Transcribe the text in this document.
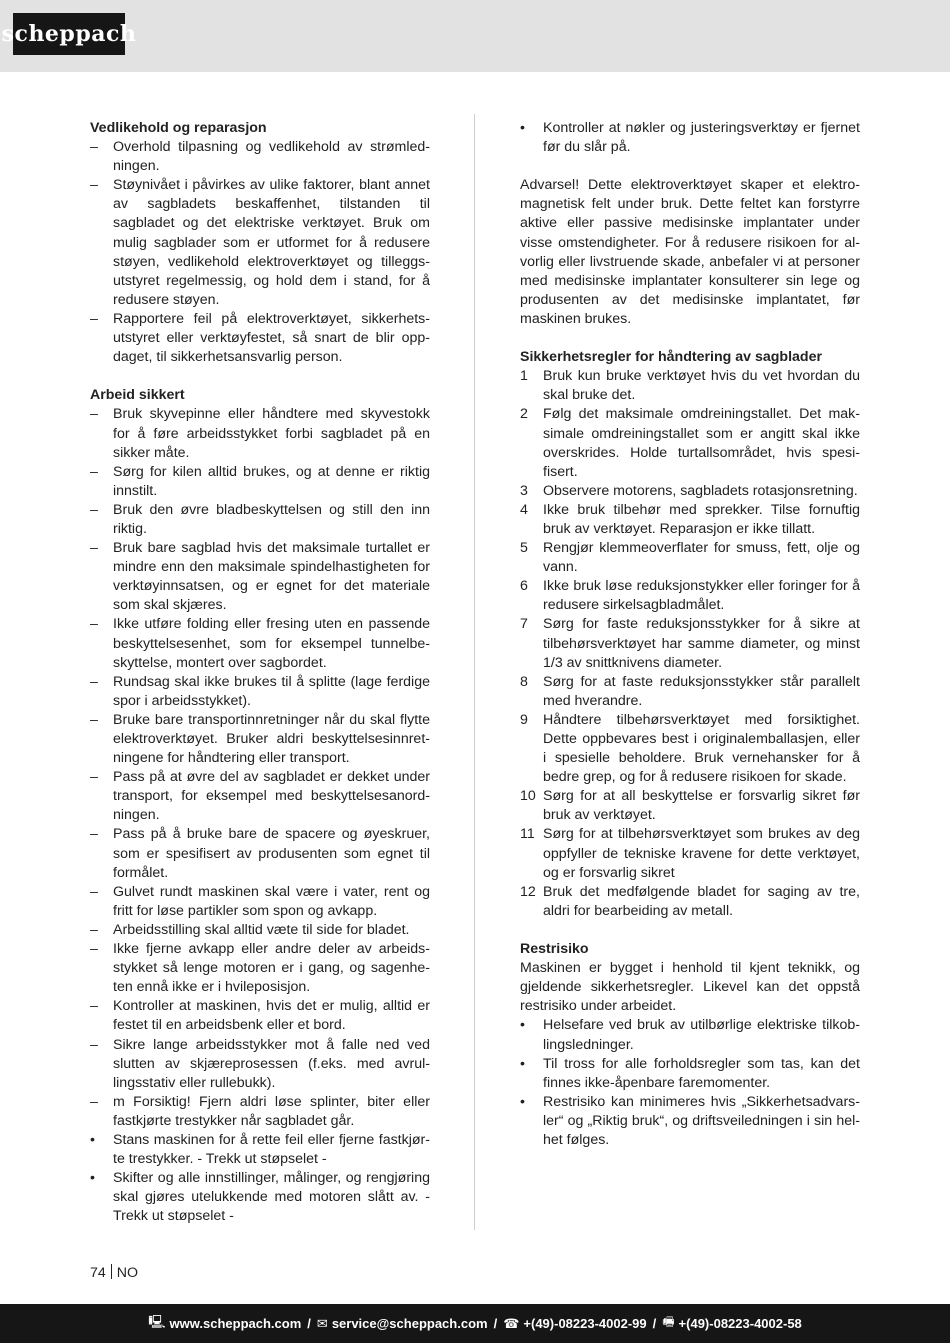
scheppach

Vedlikehold og reparasjon

– Overhold tilpasning og vedlikehold av strømledningen.
– Støynivået i påvirkes av ulike faktorer, blant annet av sagbladets beskaffenhet, tilstanden til sagbladet og det elektriske verktøyet. Bruk om mulig sagblader som er utformet for å redusere støyen, vedlikehold elektroverktøyet og tilleggsutstyret regelmessig, og hold dem i stand, for å redusere støyen.
– Rapportere feil på elektroverktøyet, sikkerhetsutstyret eller verktøyfestet, så snart de blir oppdaget, til sikkerhetsansvarlig person.

Arbeid sikkert

– Bruk skyvepinne eller håndtere med skyvestokk for å føre arbeidsstykket forbi sagbladet på en sikker måte.
– Sørg for kilen alltid brukes, og at denne er riktig innstilt.
– Bruk den øvre bladbeskyttelsen og still den inn riktig.
– Bruk bare sagblad hvis det maksimale turtallet er mindre enn den maksimale spindelhastigheten for verktøyinnsatsen, og er egnet for det materiale som skal skjæres.
– Ikke utføre folding eller fresing uten en passende beskyttelsesenhet, som for eksempel tunnelbeskyttelse, montert over sagbordet.
– Rundsag skal ikke brukes til å splitte (lage ferdige spor i arbeidsstykket).
– Bruke bare transportinnretninger når du skal flytte elektroverktøyet. Bruker aldri beskyttelsesinnretningene for håndtering eller transport.
– Pass på at øvre del av sagbladet er dekket under transport, for eksempel med beskyttelsesanordningen.
– Pass på å bruke bare de spacere og øyeskruer, som er spesifisert av produsenten som egnet til formålet.
– Gulvet rundt maskinen skal være i vater, rent og fritt for løse partikler som spon og avkapp.
– Arbeidsstilling skal alltid væte til side for bladet.
– Ikke fjerne avkapp eller andre deler av arbeidsstykket så lenge motoren er i gang, og sagenheten ennå ikke er i hvileposisjon.
– Kontroller at maskinen, hvis det er mulig, alltid er festet til en arbeidsbenk eller et bord.
– Sikre lange arbeidsstykker mot å falle ned ved slutten av skjæreprosessen (f.eks. med avrullingsstativ eller rullebukk).
– m Forsiktig! Fjern aldri løse splinter, biter eller fastkjørte trestykker når sagbladet går.
• Stans maskinen for å rette feil eller fjerne fastkjørte trestykker. - Trekk ut støpselet -
• Skifter og alle innstillinger, målinger, og rengjøring skal gjøres utelukkende med motoren slått av. - Trekk ut støpselet -
• Kontroller at nøkler og justeringsverktøy er fjernet før du slår på.

Advarsel! Dette elektroverktøyet skaper et elektromagnetisk felt under bruk. Dette feltet kan forstyrre aktive eller passive medisinske implantater under visse omstendigheter. For å redusere risikoen for alvorlig eller livstruende skade, anbefaler vi at personer med medisinske implantater konsulterer sin lege og produsenten av det medisinske implantatet, før maskinen brukes.

Sikkerhetsregler for håndtering av sagblader

1 Bruk kun bruke verktøyet hvis du vet hvordan du skal bruke det.
2 Følg det maksimale omdreiningstallet. Det maksimale omdreiningstallet som er angitt skal ikke overskrides. Holde turtallsområdet, hvis spesifisert.
3 Observere motorens, sagbladets rotasjonsretning.
4 Ikke bruk tilbehør med sprekker. Tilse fornuftig bruk av verktøyet. Reparasjon er ikke tillatt.
5 Rengjør klemmeoverflater for smuss, fett, olje og vann.
6 Ikke bruk løse reduksjonstykker eller foringer for å redusere sirkelsagbladmålet.
7 Sørg for faste reduksjonsstykker for å sikre at tilbehørsverktøyet har samme diameter, og minst 1/3 av snittknivens diameter.
8 Sørg for at faste reduksjonsstykker står parallelt med hverandre.
9 Håndtere tilbehørsverktøyet med forsiktighet. Dette oppbevares best i originalemballasjen, eller i spesielle beholdere. Bruk vernehansker for å bedre grep, og for å redusere risikoen for skade.
10 Sørg for at all beskyttelse er forsvarlig sikret før bruk av verktøyet.
11 Sørg for at tilbehørsverktøyet som brukes av deg oppfyller de tekniske kravene for dette verktøyet, og er forsvarlig sikret
12 Bruk det medfølgende bladet for saging av tre, aldri for bearbeiding av metall.

Restrisiko

Maskinen er bygget i henhold til kjent teknikk, og gjeldende sikkerhetsregler. Likevel kan det oppstå restrisiko under arbeidet.

• Helsefare ved bruk av utilbørlige elektriske tilkoblingsledninger.
• Til tross for alle forholdsregler som tas, kan det finnes ikke-åpenbare faremomenter.
• Restrisiko kan minimeres hvis „Sikkerhetsadvarsler“ og „Riktig bruk“, og driftsveiledningen i sin helhet følges.
74 NO
🖳 www.scheppach.com / ✉ service@scheppach.com / ☎ +(49)-08223-4002-99 / 🖷 +(49)-08223-4002-58
